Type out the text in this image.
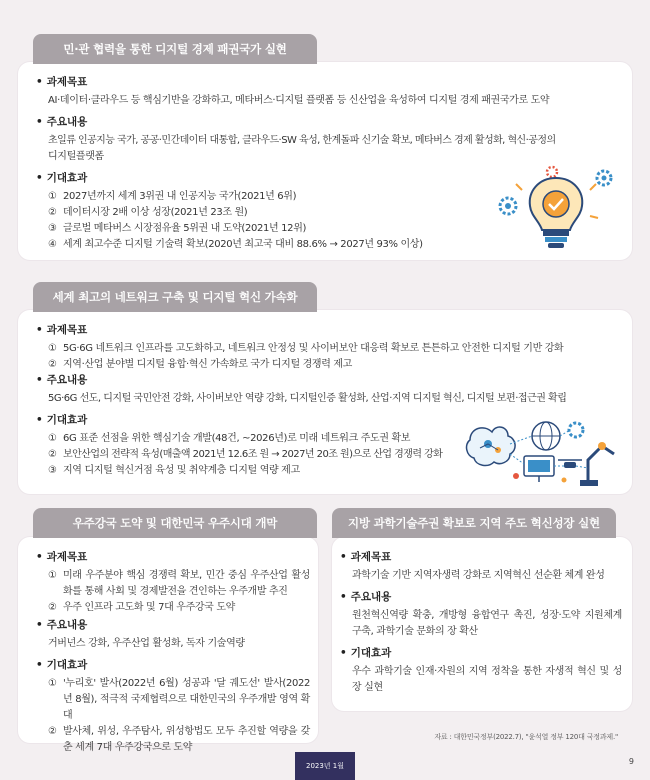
민·관 협력을 통한 디지털 경제 패권국가 실현
• 과제목표
AI·데이터·클라우드 등 핵심기반을 강화하고, 메타버스·디지털 플랫폼 등 신산업을 육성하여 디지털 경제 패권국가로 도약
• 주요내용
초일류 인공지능 국가, 공공·민간데이터 대통합, 클라우드·SW 육성, 한계돌파 신기술 확보, 메타버스 경제 활성화, 혁신·공정의
디지털플랫폼
• 기대효과
① 2027년까지 세계 3위권 내 인공지능 국가(2021년 6위)
② 데이터시장 2배 이상 성장(2021년 23조 원)
③ 글로벌 메타버스 시장점유율 5위권 내 도약(2021년 12위)
④ 세계 최고수준 디지털 기술력 확보(2020년 최고국 대비 88.6% → 2027년 93% 이상)
세계 최고의 네트워크 구축 및 디지털 혁신 가속화
• 과제목표
① 5G·6G 네트워크 인프라를 고도화하고, 네트워크 안정성 및 사이버보안 대응력 확보로 튼튼하고 안전한 디지털 기반 강화
② 지역·산업 분야별 디지털 융합·혁신 가속화로 국가 디지털 경쟁력 제고
• 주요내용
5G·6G 선도, 디지털 국민안전 강화, 사이버보안 역량 강화, 디지털인증 활성화, 산업·지역 디지털 혁신, 디지털 보편·접근권 확립
• 기대효과
① 6G 표준 선점을 위한 핵심기술 개발(48건, ~2026년)로 미래 네트워크 주도권 확보
② 보안산업의 전략적 육성(매출액 2021년 12.6조 원 → 2027년 20조 원)으로 산업 경쟁력 강화
③ 지역 디지털 혁신거점 육성 및 취약계층 디지털 역량 제고
우주강국 도약 및 대한민국 우주시대 개막
• 과제목표
① 미래 우주분야 핵심 경쟁력 확보, 민간 중심 우주산업 활성화를 통해 사회 및 경제발전을 견인하는 우주개발 추진
② 우주 인프라 고도화 및 7대 우주강국 도약
• 주요내용
거버넌스 강화, 우주산업 활성화, 독자 기술역량
• 기대효과
① '누리호' 발사(2022년 6월) 성공과 '달 궤도선' 발사(2022년 8월), 적극적 국제협력으로 대한민국의 우주개발 영역 확대
② 발사체, 위성, 우주탐사, 위성항법도 모두 추진할 역량을 갖춘 세계 7대 우주강국으로 도약
지방 과학기술주권 확보로 지역 주도 혁신성장 실현
• 과제목표
과학기술 기반 지역자생력 강화로 지역혁신 선순환 체계 완성
• 주요내용
원천혁신역량 확충, 개방형 융합연구 촉진, 성장·도약 지원체계 구축, 과학기술 문화의 장 확산
• 기대효과
우수 과학기술 인재·자원의 지역 정착을 통한 자생적 혁신 및 성장 실현
자료 : 대한민국정부(2022.7), "윤석열 정부 120대 국정과제."
2023년 1월	9
